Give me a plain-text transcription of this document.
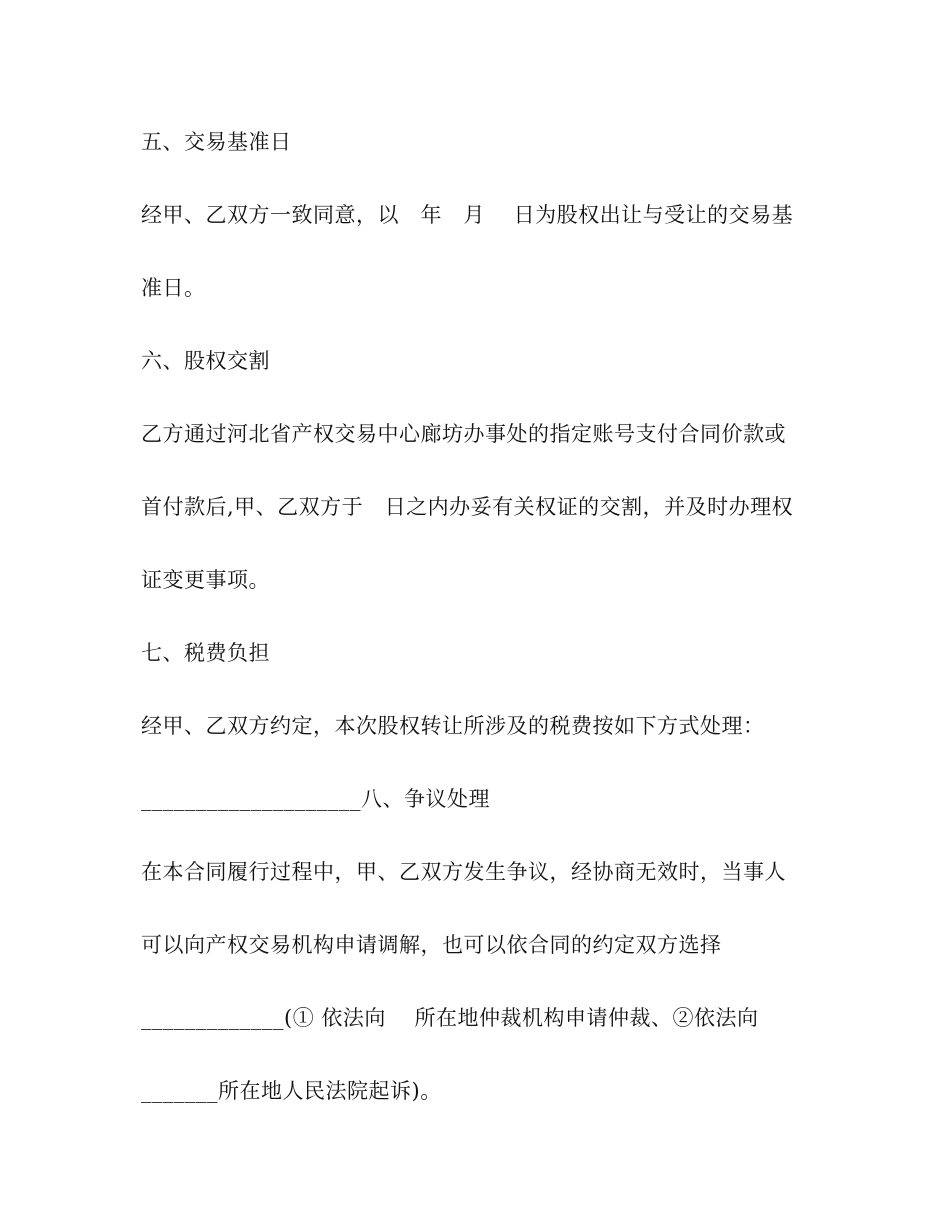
五、交易基准日
经甲、乙双方一致同意，以　年　月　 日为股权出让与受让的交易基
准日。
六、股权交割
乙方通过河北省产权交易中心廊坊办事处的指定账号支付合同价款或
首付款后,甲、乙双方于　日之内办妥有关权证的交割，并及时办理权
证变更事项。
七、税费负担
经甲、乙双方约定，本次股权转让所涉及的税费按如下方式处理：
____________________八、争议处理
在本合同履行过程中，甲、乙双方发生争议，经协商无效时，当事人
可以向产权交易机构申请调解，也可以依合同的约定双方选择
_____________(① 依法向　 所在地仲裁机构申请仲裁、②依法向
_______所在地人民法院起诉)。
